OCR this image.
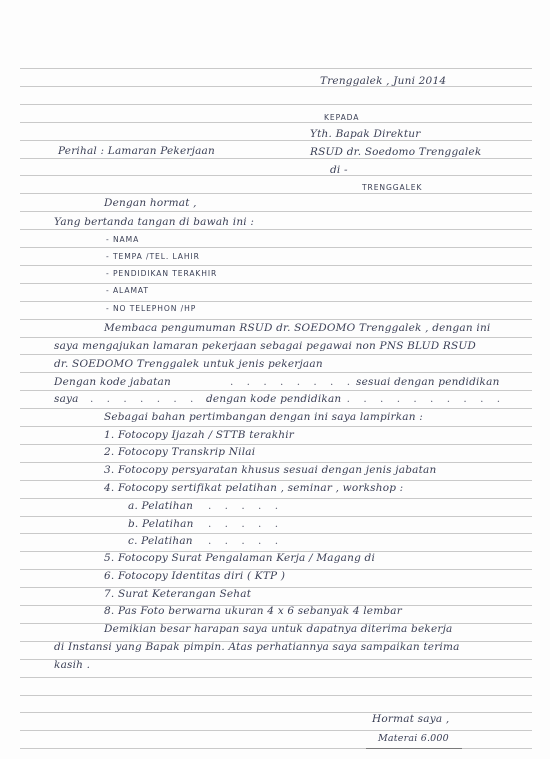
Trenggalek , Juni 2014
KEPADA
Yth. Bapak Direktur
Perihal : Lamaran Pekerjaan	RSUD dr. Soedomo Trenggalek
di -
TRENGGALEK
Dengan hormat ,
Yang bertanda tangan di bawah ini :
- NAMA
- TEMPA /TEL. LAHIR
- PENDIDIKAN TERAKHIR
- ALAMAT
- NO TELEPHON /HP
Membaca pengumuman RSUD dr. SOEDOMO Trenggalek , dengan ini
saya mengajukan lamaran pekerjaan sebagai pegawai non PNS BLUD RSUD
dr. SOEDOMO Trenggalek untuk jenis pekerjaan
Dengan kode jabatan	. . . . . . . . .
sesuai dengan pendidikan
saya . . . . . . . .
dengan kode pendidikan
. . . . . . . . . . .
Sebagai bahan pertimbangan dengan ini saya lampirkan :
1. Fotocopy Ijazah / STTB terakhir
2. Fotocopy Transkrip Nilai
3. Fotocopy persyaratan khusus sesuai dengan jenis jabatan
4. Fotocopy sertifikat pelatihan , seminar , workshop :
a. Pelatihan . . . . .
b. Pelatihan . . . . .
c. Pelatihan . . . . .
5. Fotocopy Surat Pengalaman Kerja / Magang di
6. Fotocopy Identitas diri ( KTP )
7. Surat Keterangan Sehat
8. Pas Foto berwarna ukuran 4 x 6 sebanyak 4 lembar
Demikian besar harapan saya untuk dapatnya diterima bekerja
di Instansi yang Bapak pimpin. Atas perhatiannya saya sampaikan terima
kasih .
Hormat saya ,
Materai 6.000
